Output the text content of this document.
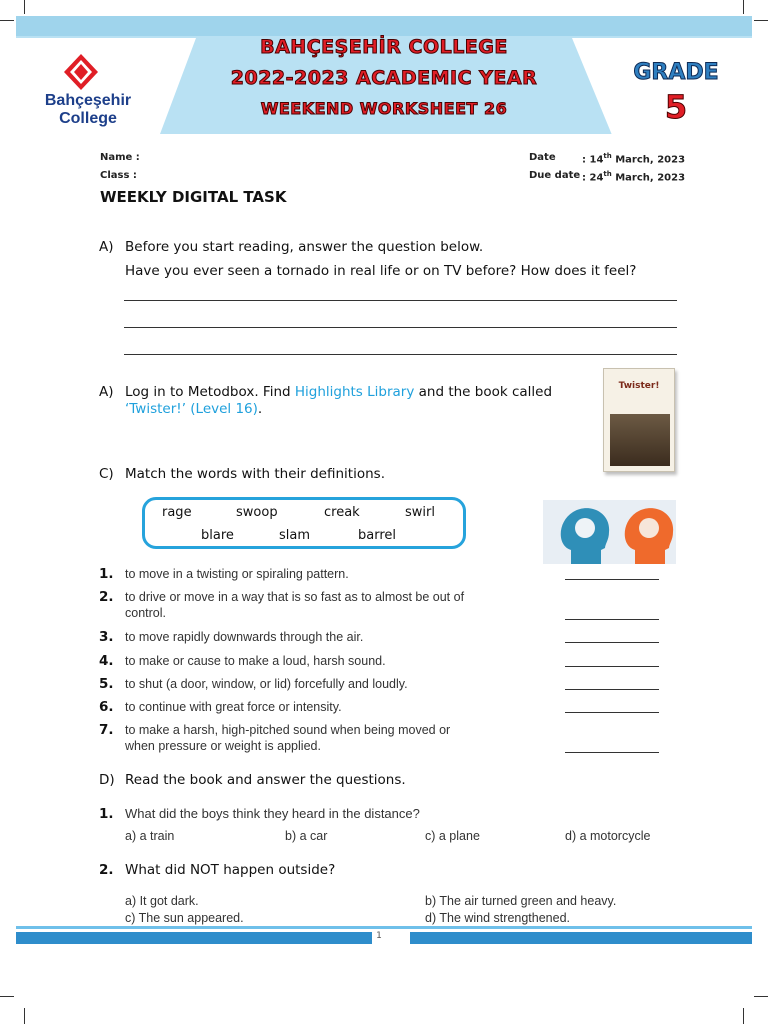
Bahçeşehir
College
BAHÇEŞEHİR COLLEGE
2022-2023 ACADEMIC YEAR
WEEKEND WORKSHEET 26
GRADE
5
Name :
Class :
Date	: 14th March, 2023
Due date : 24th March, 2023
WEEKLY DIGITAL TASK
A) Before you start reading, answer the question below.
Have you ever seen a tornado in real life or on TV before? How does it feel?
A) Log in to Metodbox. Find Highlights Library and the book called
‘Twister!’ (Level 16).
Twister!
C) Match the words with their definitions.
rage	swoop	creak	swirl
blare	slam	barrel
1. to move in a twisting or spiraling pattern.
2. to drive or move in a way that is so fast as to almost be out of control.
3. to move rapidly downwards through the air.
4. to make or cause to make a loud, harsh sound.
5. to shut (a door, window, or lid) forcefully and loudly.
6. to continue with great force or intensity.
7. to make a harsh, high-pitched sound when being moved or when pressure or weight is applied.
D) Read the book and answer the questions.
1. What did the boys think they heard in the distance?
a) a train	b) a car	c) a plane	d) a motorcycle
2. What did NOT happen outside?
a) It got dark.	b) The air turned green and heavy.
c) The sun appeared.	d) The wind strengthened.
1
